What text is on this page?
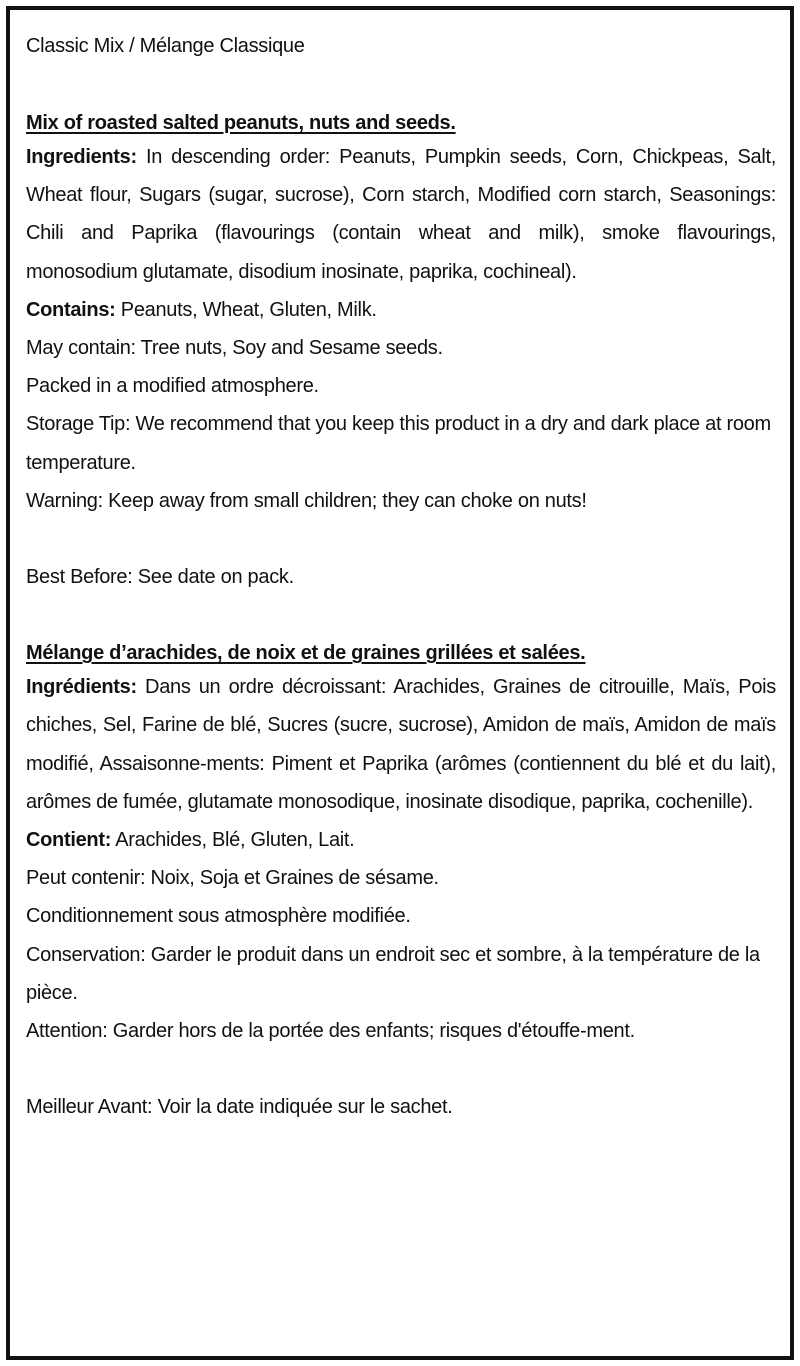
Classic Mix / Mélange Classique

Mix of roasted salted peanuts, nuts and seeds.

Ingredients: In descending order: Peanuts, Pumpkin seeds, Corn, Chickpeas, Salt, Wheat flour, Sugars (sugar, sucrose), Corn starch, Modified corn starch, Seasonings: Chili and Paprika (flavourings (contain wheat and milk), smoke flavourings, monosodium glutamate, disodium inosinate, paprika, cochineal).

Contains: Peanuts, Wheat, Gluten, Milk.

May contain: Tree nuts, Soy and Sesame seeds.

Packed in a modified atmosphere.

Storage Tip: We recommend that you keep this product in a dry and dark place at room temperature.

Warning: Keep away from small children; they can choke on nuts!

Best Before: See date on pack.

Mélange d’arachides, de noix et de graines grillées et salées.

Ingrédients: Dans un ordre décroissant: Arachides, Graines de citrouille, Maïs, Pois chiches, Sel, Farine de blé, Sucres (sucre, sucrose), Amidon de maïs, Amidon de maïs modifié, Assaisonne-ments: Piment et Paprika (arômes (contiennent du blé et du lait), arômes de fumée, glutamate monosodique, inosinate disodique, paprika, cochenille).

Contient: Arachides, Blé, Gluten, Lait.

Peut contenir: Noix, Soja et Graines de sésame.

Conditionnement sous atmosphère modifiée.

Conservation: Garder le produit dans un endroit sec et sombre, à la température de la pièce.

Attention: Garder hors de la portée des enfants; risques d'étouffe-ment.

Meilleur Avant: Voir la date indiquée sur le sachet.
